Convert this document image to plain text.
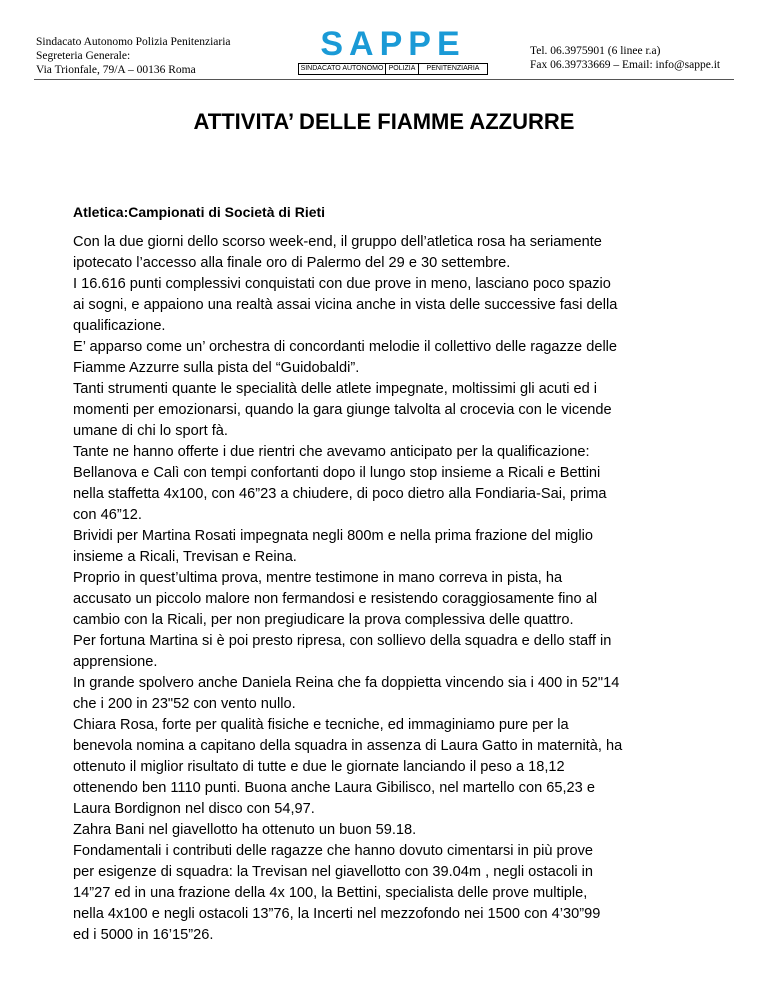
Sindacato Autonomo Polizia Penitenziaria
Segreteria Generale:
Via Trionfale, 79/A – 00136 Roma
SAPPE
SINDACATO AUTONOMO POLIZIA	PENITENZIARIA
Tel. 06.3975901 (6 linee r.a)
Fax 06.39733669 – Email: info@sappe.it
ATTIVITA’ DELLE FIAMME AZZURRE
Atletica:Campionati di Società di Rieti
Con la due giorni dello scorso week-end, il gruppo dell’atletica rosa ha seriamente
ipotecato l’accesso alla finale oro di Palermo del 29 e 30 settembre.
I 16.616 punti complessivi conquistati con due prove in meno, lasciano poco spazio
ai sogni, e appaiono una realtà assai vicina anche in vista delle successive fasi della
qualificazione.
E’ apparso come un’ orchestra di concordanti melodie il collettivo delle ragazze delle
Fiamme Azzurre sulla pista del “Guidobaldi”.
Tanti strumenti quante le specialità delle atlete impegnate, moltissimi gli acuti ed i
momenti per emozionarsi, quando la gara giunge talvolta al crocevia con le vicende
umane di chi lo sport fà.
Tante ne hanno offerte i due rientri che avevamo anticipato per la qualificazione:
Bellanova e Calì con tempi confortanti dopo il lungo stop insieme a Ricali e Bettini
nella staffetta 4x100, con 46”23 a chiudere, di poco dietro alla Fondiaria-Sai, prima
con 46”12.
Brividi per Martina Rosati impegnata negli 800m e nella prima frazione del miglio
insieme a Ricali, Trevisan e Reina.
Proprio in quest’ultima prova, mentre testimone in mano correva in pista, ha
accusato un piccolo malore non fermandosi e resistendo coraggiosamente fino al
cambio con la Ricali, per non pregiudicare la prova complessiva delle quattro.
Per fortuna Martina si è poi presto ripresa, con sollievo della squadra e dello staff in
apprensione.
In grande spolvero anche Daniela Reina che fa doppietta vincendo sia i 400 in 52"14
che i 200 in 23"52 con vento nullo.
Chiara Rosa, forte per qualità fisiche e tecniche, ed immaginiamo pure per la
benevola nomina a capitano della squadra in assenza di Laura Gatto in maternità, ha
ottenuto il miglior risultato di tutte e due le giornate lanciando il peso a 18,12
ottenendo ben 1110 punti. Buona anche Laura Gibilisco, nel martello con 65,23 e
Laura Bordignon nel disco con 54,97.
Zahra Bani nel giavellotto ha ottenuto un buon 59.18.
Fondamentali i contributi delle ragazze che hanno dovuto cimentarsi in più prove
per esigenze di squadra: la Trevisan nel giavellotto con 39.04m , negli ostacoli in
14”27 ed in una frazione della 4x 100, la Bettini, specialista delle prove multiple,
nella 4x100 e negli ostacoli 13”76, la Incerti nel mezzofondo nei 1500 con 4’30”99
ed i 5000 in 16’15”26.
